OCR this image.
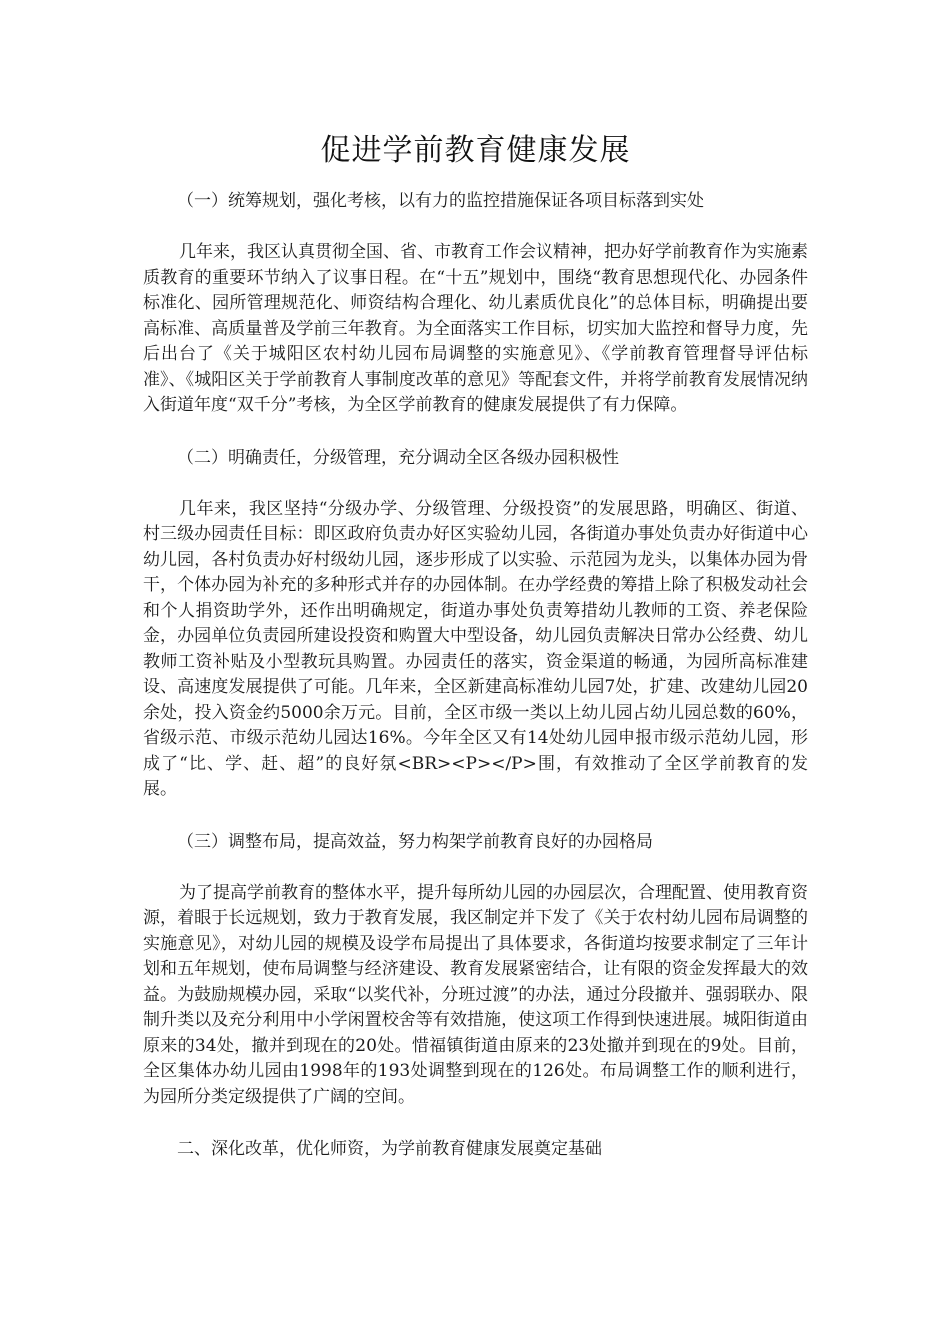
促进学前教育健康发展

（一）统筹规划，强化考核，以有力的监控措施保证各项目标落到实处

几年来，我区认真贯彻全国、省、市教育工作会议精神，把办好学前教育作为实施素质教育的重要环节纳入了议事日程。在“十五”规划中，围绕“教育思想现代化、办园条件标准化、园所管理规范化、师资结构合理化、幼儿素质优良化”的总体目标，明确提出要高标准、高质量普及学前三年教育。为全面落实工作目标，切实加大监控和督导力度，先后出台了《关于城阳区农村幼儿园布局调整的实施意见》、《学前教育管理督导评估标准》、《城阳区关于学前教育人事制度改革的意见》等配套文件，并将学前教育发展情况纳入街道年度“双千分”考核，为全区学前教育的健康发展提供了有力保障。

（二）明确责任，分级管理，充分调动全区各级办园积极性

几年来，我区坚持“分级办学、分级管理、分级投资”的发展思路，明确区、街道、村三级办园责任目标：即区政府负责办好区实验幼儿园，各街道办事处负责办好街道中心幼儿园，各村负责办好村级幼儿园，逐步形成了以实验、示范园为龙头，以集体办园为骨干，个体办园为补充的多种形式并存的办园体制。在办学经费的筹措上除了积极发动社会和个人捐资助学外，还作出明确规定，街道办事处负责筹措幼儿教师的工资、养老保险金，办园单位负责园所建设投资和购置大中型设备，幼儿园负责解决日常办公经费、幼儿教师工资补贴及小型教玩具购置。办园责任的落实，资金渠道的畅通，为园所高标准建设、高速度发展提供了可能。几年来，全区新建高标准幼儿园7处，扩建、改建幼儿园20余处，投入资金约5000余万元。目前，全区市级一类以上幼儿园占幼儿园总数的60%，省级示范、市级示范幼儿园达16%。今年全区又有14处幼儿园申报市级示范幼儿园，形成了“比、学、赶、超”的良好氛<BR><P></P>围，有效推动了全区学前教育的发展。

（三）调整布局，提高效益，努力构架学前教育良好的办园格局

为了提高学前教育的整体水平，提升每所幼儿园的办园层次，合理配置、使用教育资源，着眼于长远规划，致力于教育发展，我区制定并下发了《关于农村幼儿园布局调整的实施意见》，对幼儿园的规模及设学布局提出了具体要求，各街道均按要求制定了三年计划和五年规划，使布局调整与经济建设、教育发展紧密结合，让有限的资金发挥最大的效益。为鼓励规模办园，采取“以奖代补，分班过渡”的办法，通过分段撤并、强弱联办、限制升类以及充分利用中小学闲置校舍等有效措施，使这项工作得到快速进展。城阳街道由原来的34处，撤并到现在的20处。惜福镇街道由原来的23处撤并到现在的9处。目前，全区集体办幼儿园由1998年的193处调整到现在的126处。布局调整工作的顺利进行，为园所分类定级提供了广阔的空间。

二、深化改革，优化师资，为学前教育健康发展奠定基础
